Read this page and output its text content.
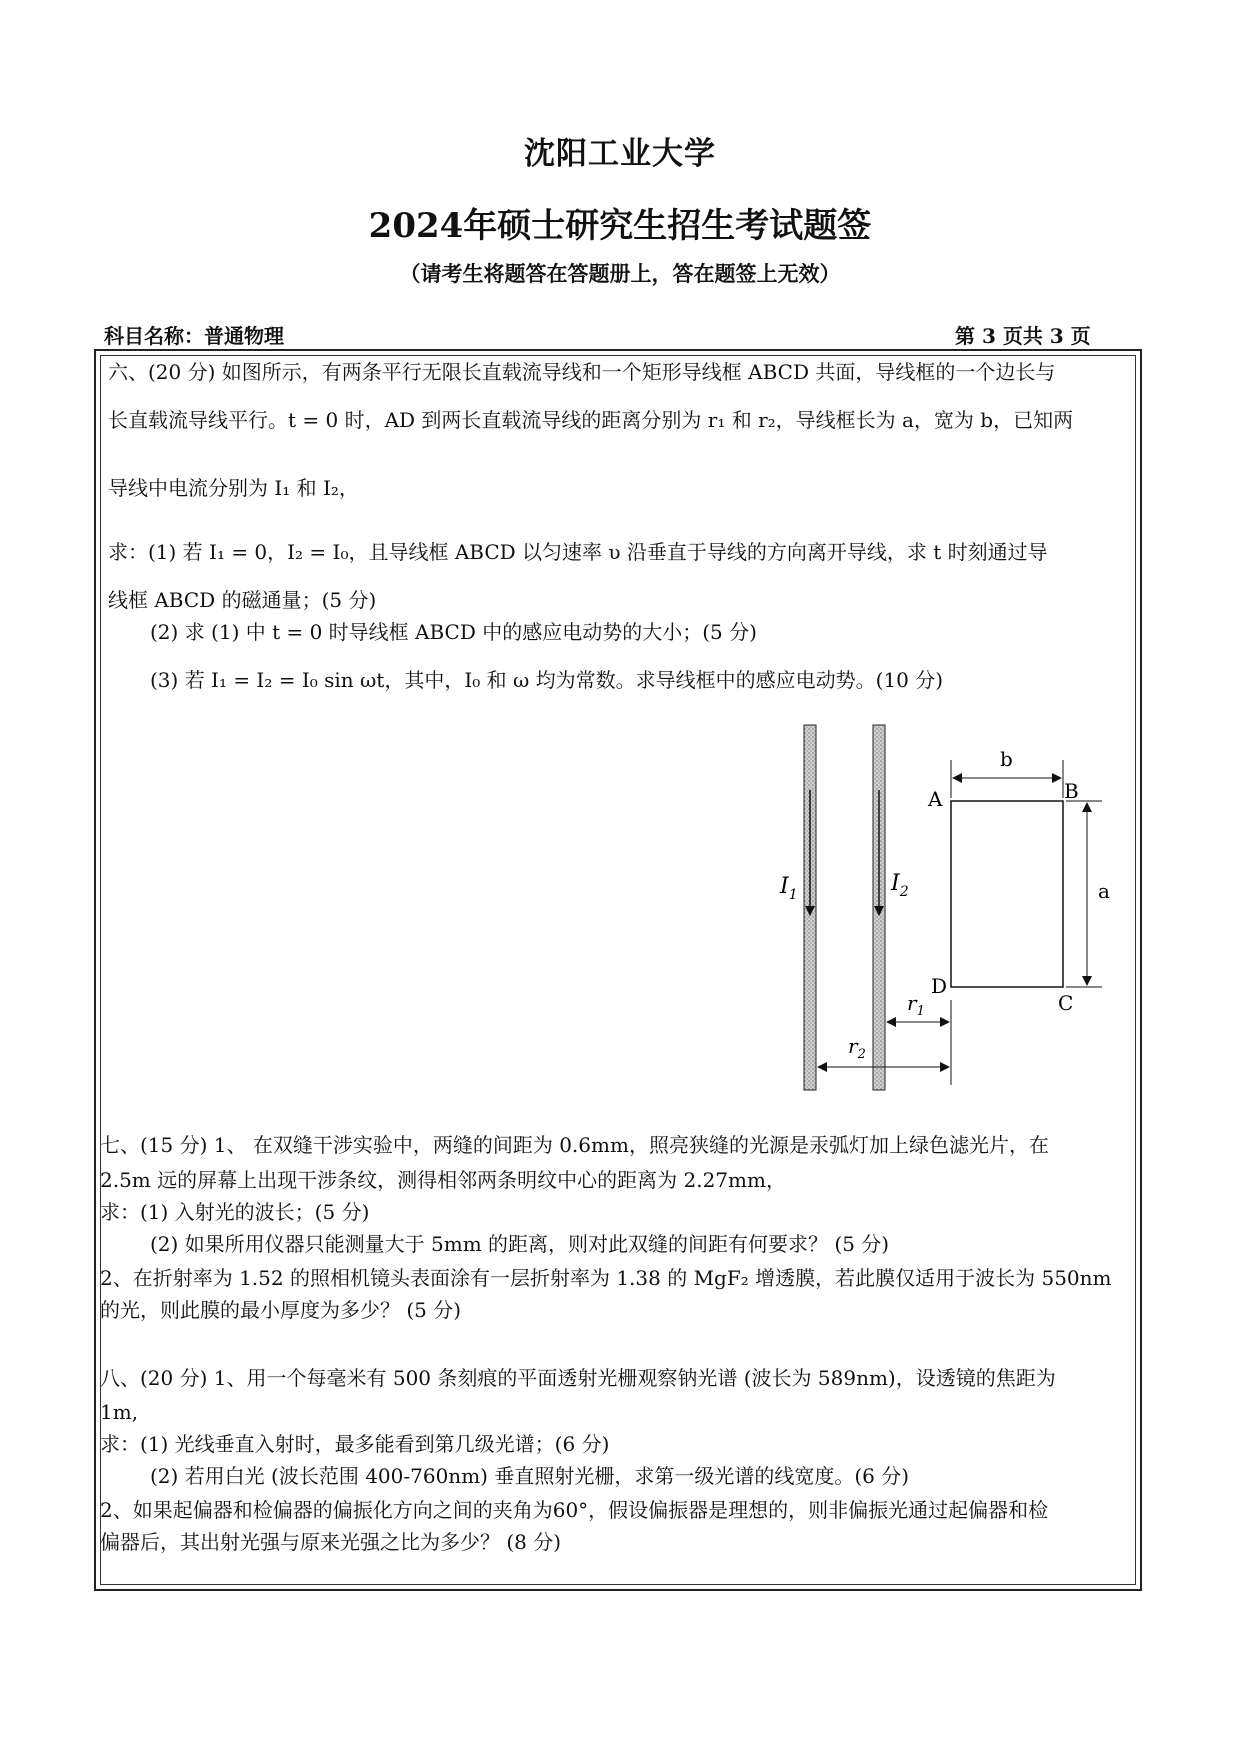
沈阳工业大学
2024年硕士研究生招生考试题签
（请考生将题答在答题册上，答在题签上无效）
科目名称：普通物理	第 3 页共 3 页
六、(20 分) 如图所示，有两条平行无限长直载流导线和一个矩形导线框 ABCD 共面，导线框的一个边长与
长直载流导线平行。t = 0 时，AD 到两长直载流导线的距离分别为 r₁ 和 r₂，导线框长为 a，宽为 b，已知两
导线中电流分别为 I₁ 和 I₂，
求：(1) 若 I₁ = 0，I₂ = I₀，且导线框 ABCD 以匀速率 υ 沿垂直于导线的方向离开导线，求 t 时刻通过导
线框 ABCD 的磁通量；(5 分)
(2) 求 (1) 中 t = 0 时导线框 ABCD 中的感应电动势的大小；(5 分)
(3) 若 I₁ = I₂ = I₀ sin ωt，其中，I₀ 和 ω 均为常数。求导线框中的感应电动势。(10 分)
b
A	B
a
D
C
$I_1$	$I_2$
$r_1$
$r_2$
七、(15 分) 1、 在双缝干涉实验中，两缝的间距为 0.6mm，照亮狭缝的光源是汞弧灯加上绿色滤光片，在
2.5m 远的屏幕上出现干涉条纹，测得相邻两条明纹中心的距离为 2.27mm，
求：(1) 入射光的波长；(5 分)
(2) 如果所用仪器只能测量大于 5mm 的距离，则对此双缝的间距有何要求？ (5 分)
2、在折射率为 1.52 的照相机镜头表面涂有一层折射率为 1.38 的 MgF₂ 增透膜，若此膜仅适用于波长为 550nm
的光，则此膜的最小厚度为多少？ (5 分)
八、(20 分) 1、用一个每毫米有 500 条刻痕的平面透射光栅观察钠光谱 (波长为 589nm)，设透镜的焦距为
1m,
求：(1) 光线垂直入射时，最多能看到第几级光谱；(6 分)
(2) 若用白光 (波长范围 400-760nm) 垂直照射光栅，求第一级光谱的线宽度。(6 分)
2、如果起偏器和检偏器的偏振化方向之间的夹角为60°，假设偏振器是理想的，则非偏振光通过起偏器和检
偏器后，其出射光强与原来光强之比为多少？ (8 分)
